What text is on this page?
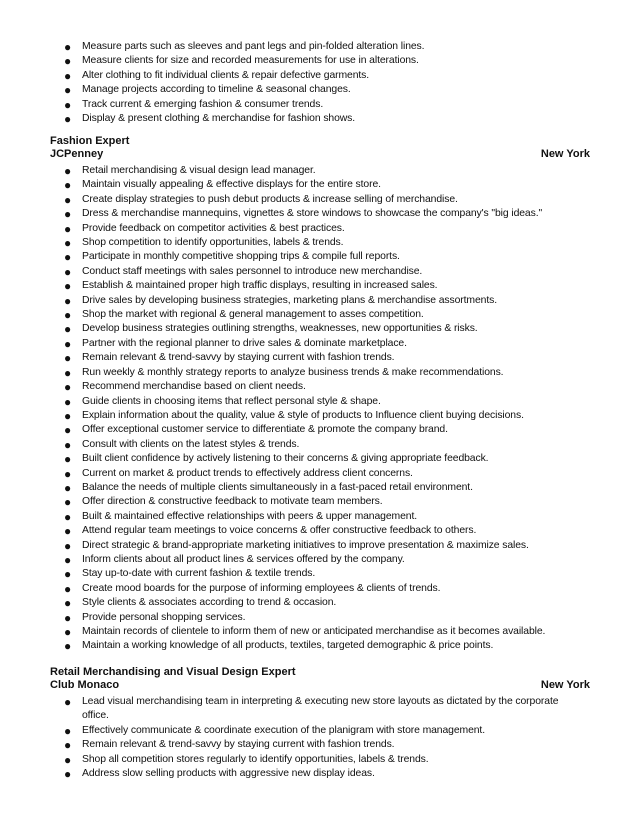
● Measure parts such as sleeves and pant legs and pin-folded alteration lines.
● Measure clients for size and recorded measurements for use in alterations.
● Alter clothing to fit individual clients & repair defective garments.
● Manage projects according to timeline & seasonal changes.
● Track current & emerging fashion & consumer trends.
● Display & present clothing & merchandise for fashion shows.
Fashion Expert
JCPenney	New York
● Retail merchandising & visual design lead manager.
● Maintain visually appealing & effective displays for the entire store.
● Create display strategies to push debut products & increase selling of merchandise.
● Dress & merchandise mannequins, vignettes & store windows to showcase the company's "big ideas."
● Provide feedback on competitor activities & best practices.
● Shop competition to identify opportunities, labels & trends.
● Participate in monthly competitive shopping trips & compile full reports.
● Conduct staff meetings with sales personnel to introduce new merchandise.
● Establish & maintained proper high traffic displays, resulting in increased sales.
● Drive sales by developing business strategies, marketing plans & merchandise assortments.
● Shop the market with regional & general management to asses competition.
● Develop business strategies outlining strengths, weaknesses, new opportunities & risks.
● Partner with the regional planner to drive sales & dominate marketplace.
● Remain relevant & trend-savvy by staying current with fashion trends.
● Run weekly & monthly strategy reports to analyze business trends & make recommendations.
● Recommend merchandise based on client needs.
● Guide clients in choosing items that reflect personal style & shape.
● Explain information about the quality, value & style of products to Influence client buying decisions.
● Offer exceptional customer service to differentiate & promote the company brand.
● Consult with clients on the latest styles & trends.
● Built client confidence by actively listening to their concerns & giving appropriate feedback.
● Current on market & product trends to effectively address client concerns.
● Balance the needs of multiple clients simultaneously in a fast-paced retail environment.
● Offer direction & constructive feedback to motivate team members.
● Built & maintained effective relationships with peers & upper management.
● Attend regular team meetings to voice concerns & offer constructive feedback to others.
● Direct strategic & brand-appropriate marketing initiatives to improve presentation & maximize sales.
● Inform clients about all product lines & services offered by the company.
● Stay up-to-date with current fashion & textile trends.
● Create mood boards for the purpose of informing employees & clients of trends.
● Style clients & associates according to trend & occasion.
● Provide personal shopping services.
● Maintain records of clientele to inform them of new or anticipated merchandise as it becomes available.
● Maintain a working knowledge of all products, textiles, targeted demographic & price points.
Retail Merchandising and Visual Design Expert
Club Monaco	New York
● Lead visual merchandising team in interpreting & executing new store layouts as dictated by the corporate office.
● Effectively communicate & coordinate execution of the planigram with store management.
● Remain relevant & trend-savvy by staying current with fashion trends.
● Shop all competition stores regularly to identify opportunities, labels & trends.
● Address slow selling products with aggressive new display ideas.
